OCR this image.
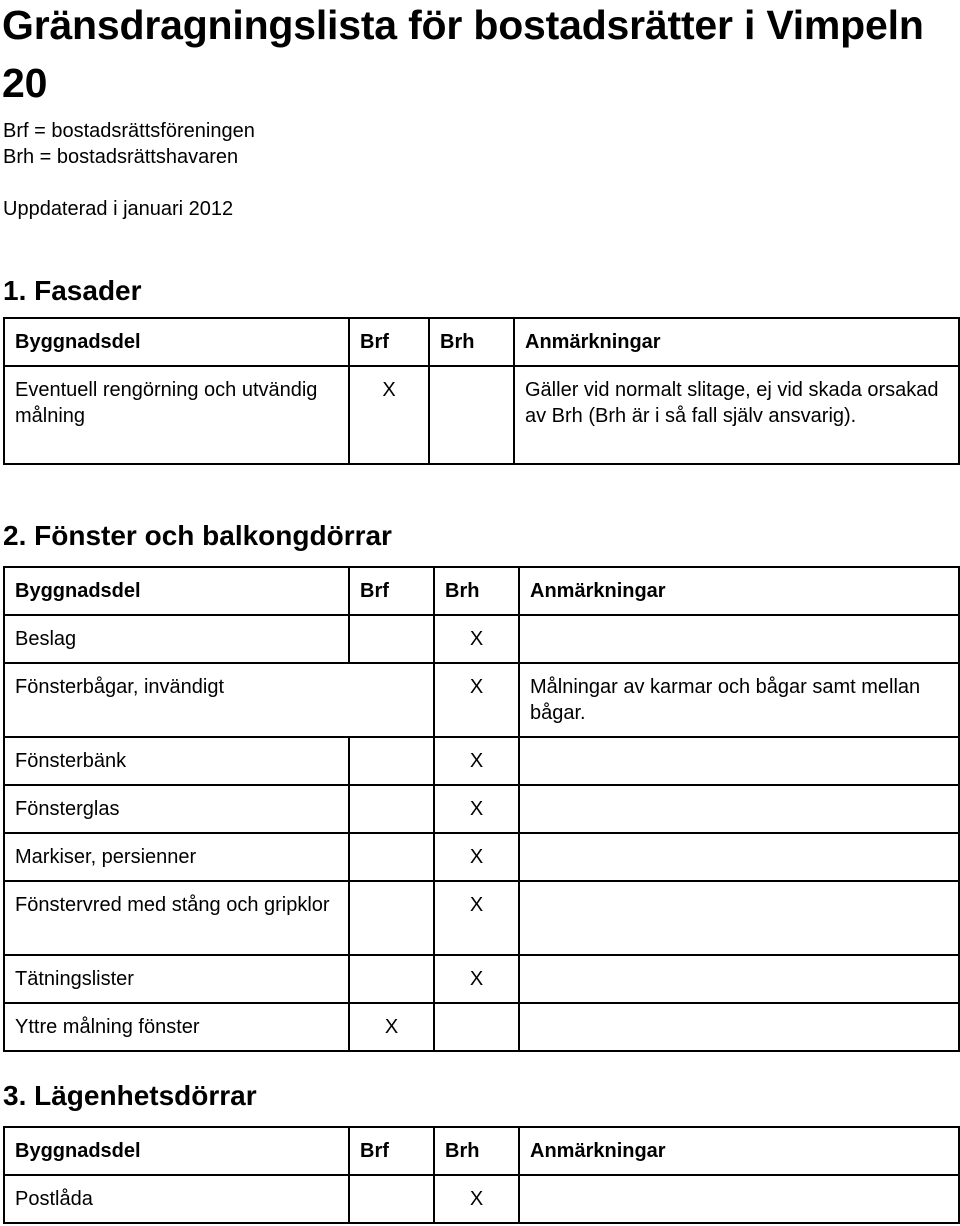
Gränsdragningslista för bostadsrätter i Vimpeln 20
Brf = bostadsrättsföreningen
Brh = bostadsrättshavaren
Uppdaterad i januari 2012
1. Fasader
Byggnadsdel	Brf	Brh	Anmärkningar
Eventuell rengörning och utvändig målning	X		Gäller vid normalt slitage, ej vid skada orsakad av Brh (Brh är i så fall själv ansvarig).
2. Fönster och balkongdörrar
Byggnadsdel	Brf	Brh	Anmärkningar
Beslag		X	
Fönsterbågar, invändigt		X	Målningar av karmar och bågar samt mellan bågar.
Fönsterbänk		X	
Fönsterglas		X	
Markiser, persienner		X	
Fönstervred med stång och gripklor		X	
Tätningslister		X	
Yttre målning fönster	X		
3. Lägenhetsdörrar
Byggnadsdel	Brf	Brh	Anmärkningar
Postlåda		X	
